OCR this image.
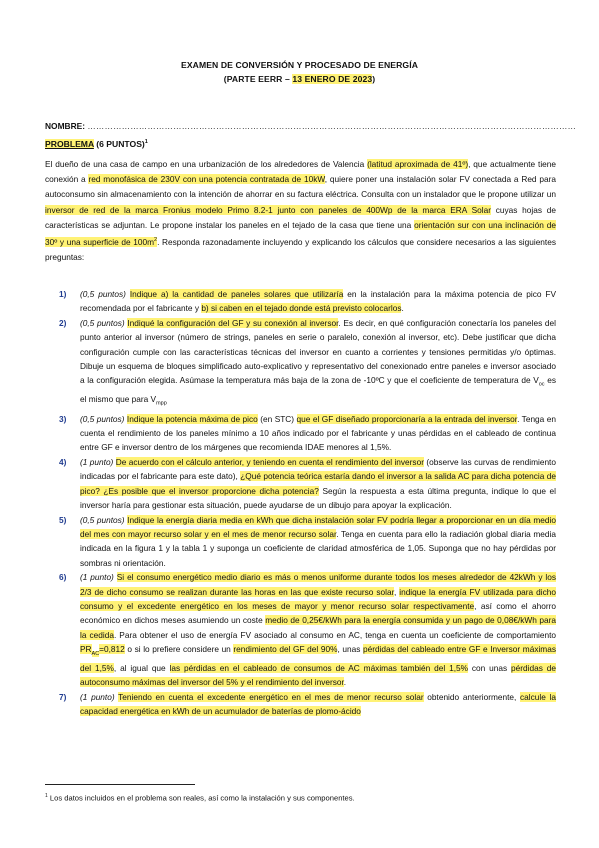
EXAMEN DE CONVERSIÓN Y PROCESADO DE ENERGÍA
(PARTE EERR – 13 ENERO DE 2023)
NOMBRE: ………………………………………………………………………………………………………………………………………………………
PROBLEMA (6 PUNTOS)$^1$
El dueño de una casa de campo en una urbanización de los alrededores de Valencia (latitud aproximada de 41º), que actualmente tiene conexión a red monofásica de 230V con una potencia contratada de 10kW, quiere poner una instalación solar FV conectada a Red para autoconsumo sin almacenamiento con la intención de ahorrar en su factura eléctrica. Consulta con un instalador que le propone utilizar un inversor de red de la marca Fronius modelo Primo 8.2-1 junto con paneles de 400Wp de la marca ERA Solar cuyas hojas de características se adjuntan. Le propone instalar los paneles en el tejado de la casa que tiene una orientación sur con una inclinación de 30º y una superficie de $100m^2$. Responda razonadamente incluyendo y explicando los cálculos que considere necesarios a las siguientes preguntas:
1) (0,5 puntos) Indique a) la cantidad de paneles solares que utilizaría en la instalación para la máxima potencia de pico FV recomendada por el fabricante y b) si caben en el tejado donde está previsto colocarlos.
2) (0,5 puntos) Indiqué la configuración del GF y su conexión al inversor. Es decir, en qué configuración conectaría los paneles del punto anterior al inversor (número de strings, paneles en serie o paralelo, conexión al inversor, etc). Debe justificar que dicha configuración cumple con las características técnicas del inversor en cuanto a corrientes y tensiones permitidas y/o óptimas. Dibuje un esquema de bloques simplificado auto-explicativo y representativo del conexionado entre paneles e inversor asociado a la configuración elegida. Asúmase la temperatura más baja de la zona de -10ºC y que el coeficiente de temperatura de $V_{oc}$ es el mismo que para $V_{mpp}$
3) (0,5 puntos) Indique la potencia máxima de pico (en STC) que el GF diseñado proporcionaría a la entrada del inversor. Tenga en cuenta el rendimiento de los paneles mínimo a 10 años indicado por el fabricante y unas pérdidas en el cableado de continua entre GF e inversor dentro de los márgenes que recomienda IDAE menores al 1,5%.
4) (1 punto) De acuerdo con el cálculo anterior, y teniendo en cuenta el rendimiento del inversor (observe las curvas de rendimiento indicadas por el fabricante para este dato), ¿Qué potencia teórica estaría dando el inversor a la salida AC para dicha potencia de pico? ¿Es posible que el inversor proporcione dicha potencia? Según la respuesta a esta última pregunta, indique lo que el inversor haría para gestionar esta situación, puede ayudarse de un dibujo para apoyar la explicación.
5) (0,5 puntos) Indique la energía diaria media en kWh que dicha instalación solar FV podría llegar a proporcionar en un día medio del mes con mayor recurso solar y en el mes de menor recurso solar. Tenga en cuenta para ello la radiación global diaria media indicada en la figura 1 y la tabla 1 y suponga un coeficiente de claridad atmosférica de 1,05. Suponga que no hay pérdidas por sombras ni orientación.
6) (1 punto) Si el consumo energético medio diario es más o menos uniforme durante todos los meses alrededor de 42kWh y los 2/3 de dicho consumo se realizan durante las horas en las que existe recurso solar, indique la energía FV utilizada para dicho consumo y el excedente energético en los meses de mayor y menor recurso solar respectivamente, así como el ahorro económico en dichos meses asumiendo un coste medio de 0,25€/kWh para la energía consumida y un pago de 0,08€/kWh para la cedida. Para obtener el uso de energía FV asociado al consumo en AC, tenga en cuenta un coeficiente de comportamiento $PR_{AC}=0,812$ o si lo prefiere considere un rendimiento del GF del 90%, unas pérdidas del cableado entre GF e Inversor máximas del 1,5%, al igual que las pérdidas en el cableado de consumos de AC máximas también del 1,5% con unas pérdidas de autoconsumo máximas del inversor del 5% y el rendimiento del inversor.
7) (1 punto) Teniendo en cuenta el excedente energético en el mes de menor recurso solar obtenido anteriormente, calcule la capacidad energética en kWh de un acumulador de baterías de plomo-ácido
$^1$ Los datos incluidos en el problema son reales, así como la instalación y sus componentes.
